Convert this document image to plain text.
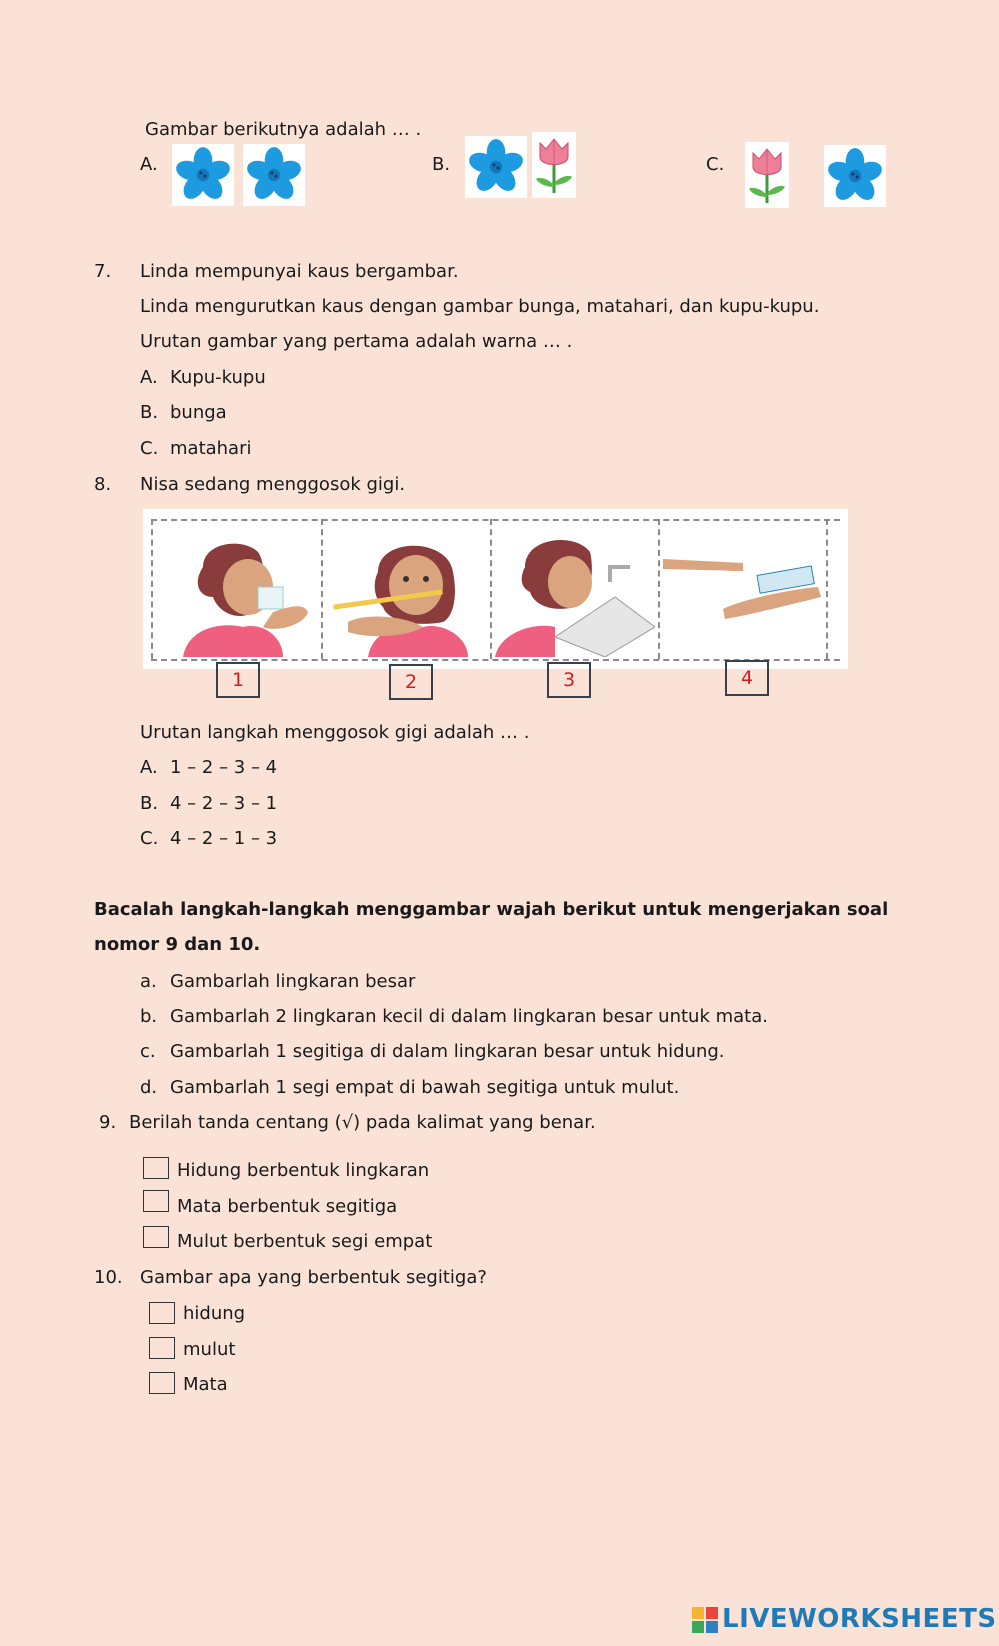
Gambar berikutnya adalah … .
A.	B.	C.
7. Linda mempunyai kaus bergambar.
Linda mengurutkan kaus dengan gambar bunga, matahari, dan kupu-kupu.
Urutan gambar yang pertama adalah warna … .
A. Kupu-kupu
B. bunga
C. matahari
8. Nisa sedang menggosok gigi.
1	2	3	4
Urutan langkah menggosok gigi adalah … .
A. 1 – 2 – 3 – 4
B. 4 – 2 – 3 – 1
C. 4 – 2 – 1 – 3
Bacalah langkah-langkah menggambar wajah berikut untuk mengerjakan soal
nomor 9 dan 10.
a. Gambarlah lingkaran besar
b. Gambarlah 2 lingkaran kecil di dalam lingkaran besar untuk mata.
c. Gambarlah 1 segitiga di dalam lingkaran besar untuk hidung.
d. Gambarlah 1 segi empat di bawah segitiga untuk mulut.
9. Berilah tanda centang (√) pada kalimat yang benar.
Hidung berbentuk lingkaran
Mata berbentuk segitiga
Mulut berbentuk segi empat
10. Gambar apa yang berbentuk segitiga?
hidung
mulut
Mata
LIVEWORKSHEETS
